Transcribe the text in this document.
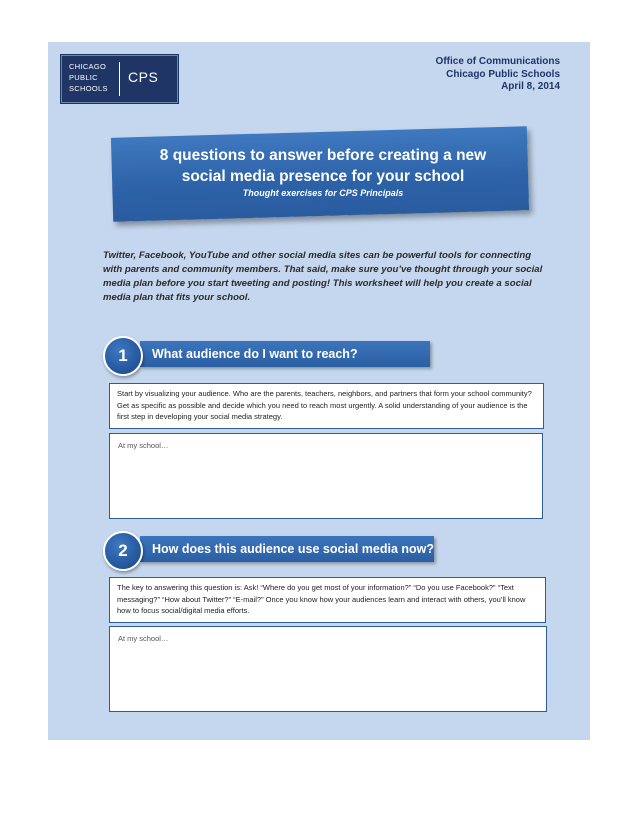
CHICAGO
PUBLIC
SCHOOLS
CPS
Office of Communications
Chicago Public Schools
April 8, 2014
8 questions to answer before creating a new
social media presence for your school
Thought exercises for CPS Principals
Twitter, Facebook, YouTube and other social media sites can be powerful tools for connecting with parents and community members. That said, make sure you’ve thought through your social media plan before you start tweeting and posting! This worksheet will help you create a social media plan that fits your school.
What audience do I want to reach?
1
Start by visualizing your audience. Who are the parents, teachers, neighbors, and partners that form your school community? Get as specific as possible and decide which you need to reach most urgently. A solid understanding of your audience is the first step in developing your social media strategy.
At my school…
How does this audience use social media now?
2
The key to answering this question is: Ask! “Where do you get most of your information?” “Do you use Facebook?” “Text messaging?” “How about Twitter?” “E-mail?” Once you know how your audiences learn and interact with others, you’ll know how to focus social/digital media efforts.
At my school…
